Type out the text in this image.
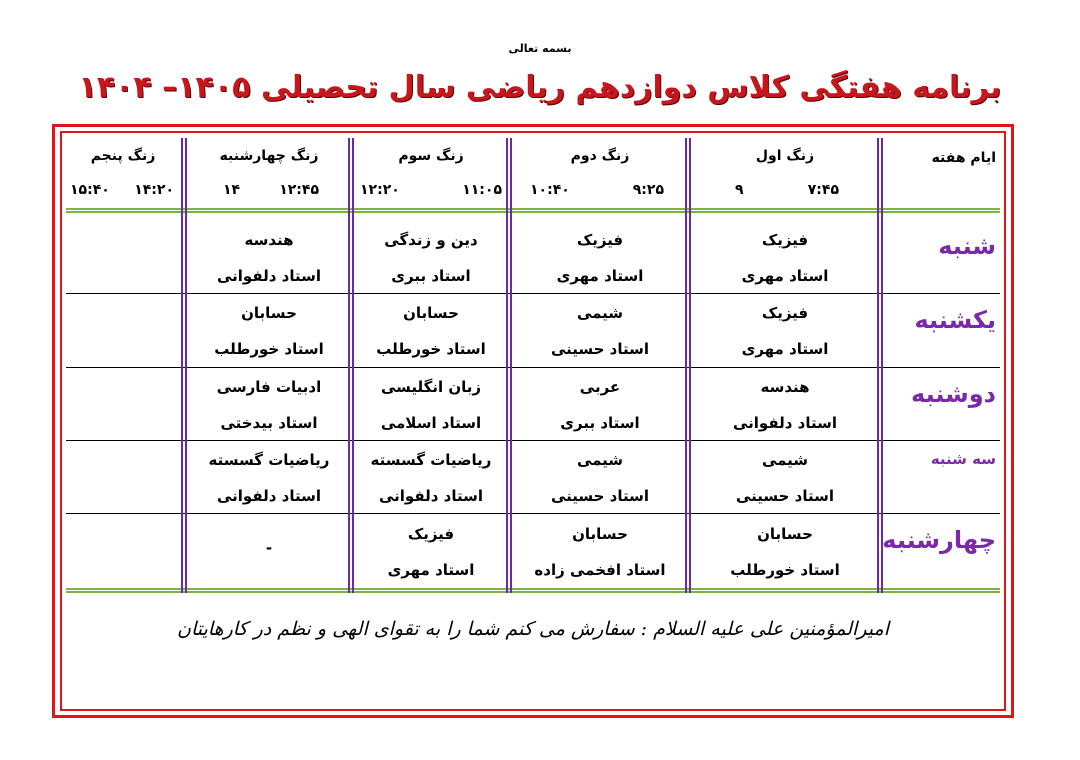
بسمه تعالی
برنامه هفتگی کلاس دوازدهم ریاضی سال تحصیلی ۱۴۰۵– ۱۴۰۴
ایام هفته
زنگ اول
۷:۴۵
۹
زنگ دوم
۹:۲۵
۱۰:۴۰
زنگ سوم
۱۱:۰۵
۱۲:۲۰
زنگ چهارشنبه
۱۲:۴۵
۱۴
زنگ پنجم
۱۴:۲۰
۱۵:۴۰
شنبه
یکشنبه
دوشنبه
سه شنبه
چهارشنبه
فیزیک
استاد مهری
فیزیک
استاد مهری
دین و زندگی
استاد ببری
هندسه
استاد دلفوانی
فیزیک
استاد مهری
شیمی
استاد حسینی
حسابان
استاد خورطلب
حسابان
استاد خورطلب
هندسه
استاد دلفوانی
عربی
استاد ببری
زبان انگلیسی
استاد اسلامی
ادبیات فارسی
استاد بیدختی
شیمی
استاد حسینی
شیمی
استاد حسینی
ریاضیات گسسته
استاد دلفوانی
ریاضیات گسسته
استاد دلفوانی
حسابان
استاد خورطلب
حسابان
استاد افخمی زاده
فیزیک
استاد مهری
-
امیرالمؤمنین علی علیه السلام : سفارش می کنم شما را به تقوای الهی و نظم در کارهایتان
